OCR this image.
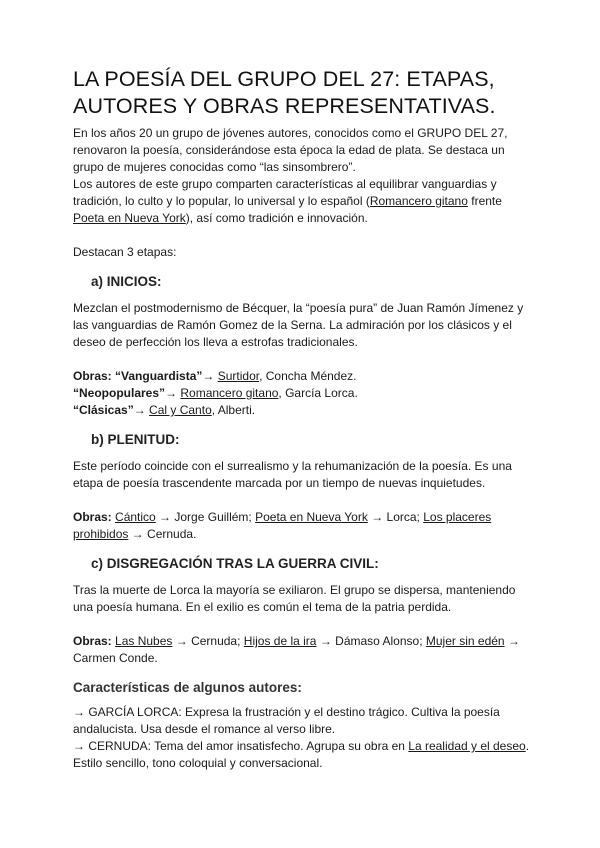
LA POESÍA DEL GRUPO DEL 27: ETAPAS, AUTORES Y OBRAS REPRESENTATIVAS.

En los años 20 un grupo de jóvenes autores, conocidos como el GRUPO DEL 27, renovaron la poesía, considerándose esta época la edad de plata. Se destaca un grupo de mujeres conocidas como “las sinsombrero”.

Los autores de este grupo comparten características al equilibrar vanguardias y tradición, lo culto y lo popular, lo universal y lo español (Romancero gitano frente Poeta en Nueva York), así como tradición e innovación.

Destacan 3 etapas:

a) INICIOS:

Mezclan el postmodernismo de Bécquer, la “poesía pura” de Juan Ramón Jímenez y las vanguardias de Ramón Gomez de la Serna. La admiración por los clásicos y el deseo de perfección los lleva a estrofas tradicionales.

Obras: “Vanguardista”→ Surtidor, Concha Méndez.

“Neopopulares”→ Romancero gitano, García Lorca.

“Clásicas”→ Cal y Canto, Alberti.

b) PLENITUD:

Este período coincide con el surrealismo y la rehumanización de la poesía. Es una etapa de poesía trascendente marcada por un tiempo de nuevas inquietudes.

Obras: Cántico → Jorge Guillém; Poeta en Nueva York → Lorca; Los placeres prohibidos → Cernuda.

c) DISGREGACIÓN TRAS LA GUERRA CIVIL:

Tras la muerte de Lorca la mayoría se exiliaron. El grupo se dispersa, manteniendo una poesía humana. En el exilio es común el tema de la patria perdida.

Obras: Las Nubes → Cernuda; Hijos de la ira → Dámaso Alonso; Mujer sin edén → Carmen Conde.

Características de algunos autores:

→ GARCÍA LORCA: Expresa la frustración y el destino trágico. Cultiva la poesía andalucista. Usa desde el romance al verso libre.

→ CERNUDA: Tema del amor insatisfecho. Agrupa su obra en La realidad y el deseo. Estilo sencillo, tono coloquial y conversacional.
